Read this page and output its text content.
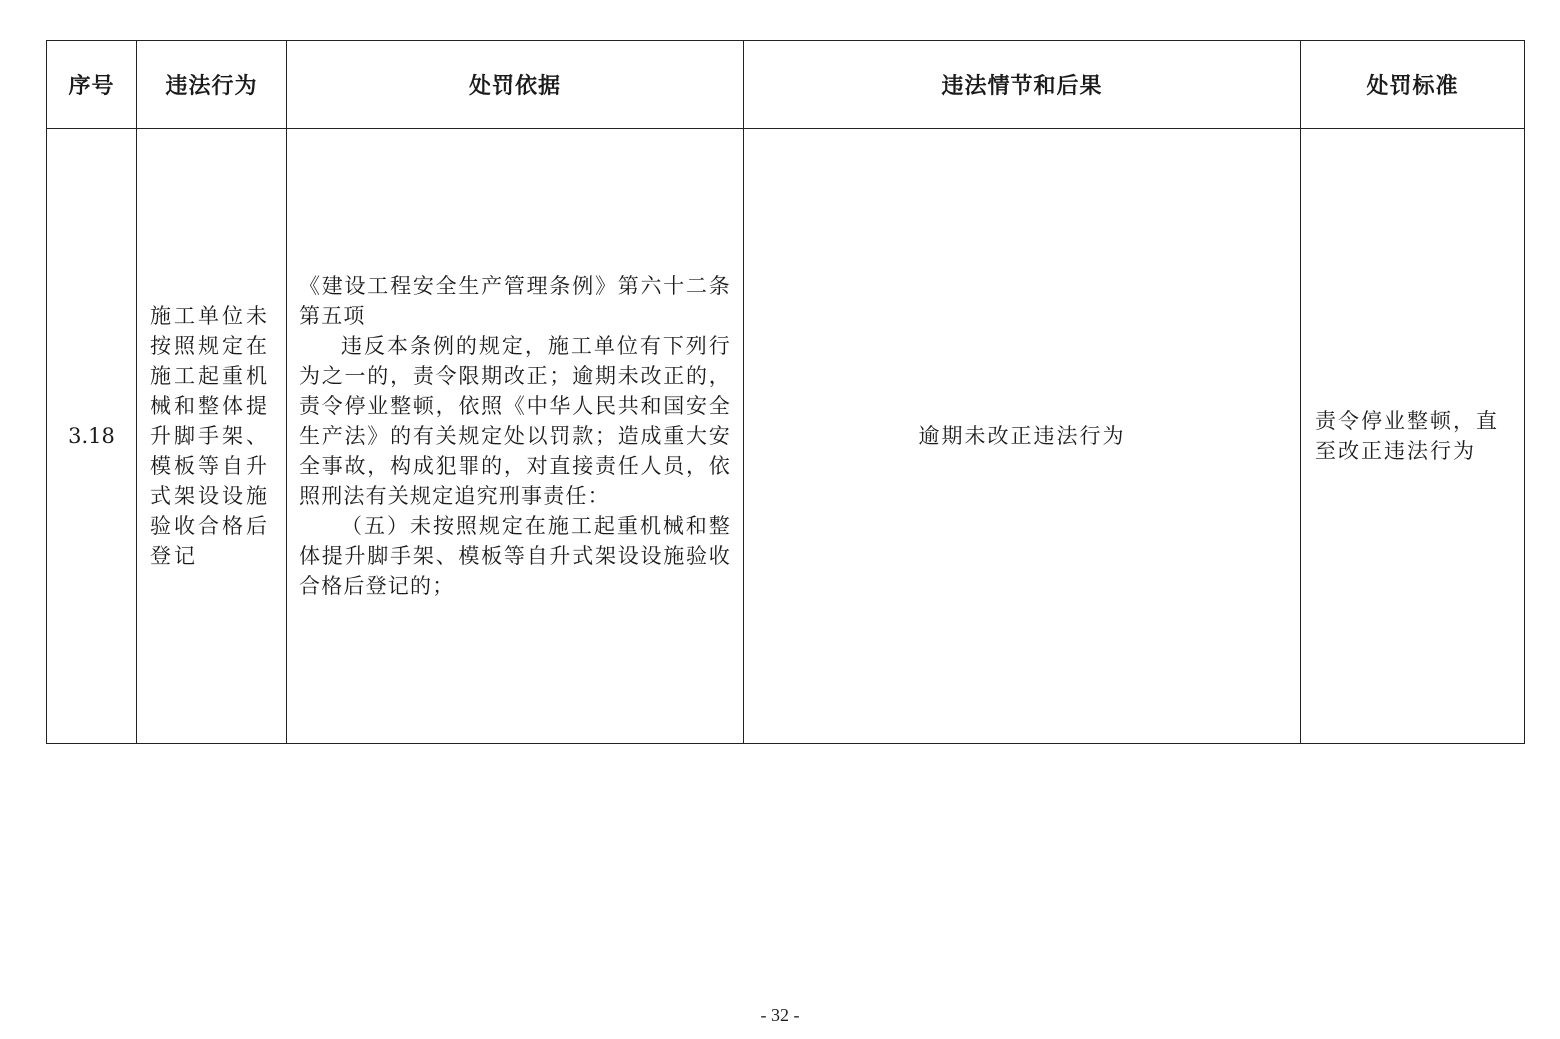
序号	违法行为	处罚依据	违法情节和后果	处罚标准
3.18	施工单位未按照规定在施工起重机械和整体提升脚手架、模板等自升式架设设施验收合格后登记	《建设工程安全生产管理条例》第六十二条第五项

违反本条例的规定，施工单位有下列行为之一的，责令限期改正；逾期未改正的，责令停业整顿，依照《中华人民共和国安全生产法》的有关规定处以罚款；造成重大安全事故，构成犯罪的，对直接责任人员，依照刑法有关规定追究刑事责任：

（五）未按照规定在施工起重机械和整体提升脚手架、模板等自升式架设设施验收合格后登记的；	逾期未改正违法行为	责令停业整顿，直至改正违法行为
- 32 -
